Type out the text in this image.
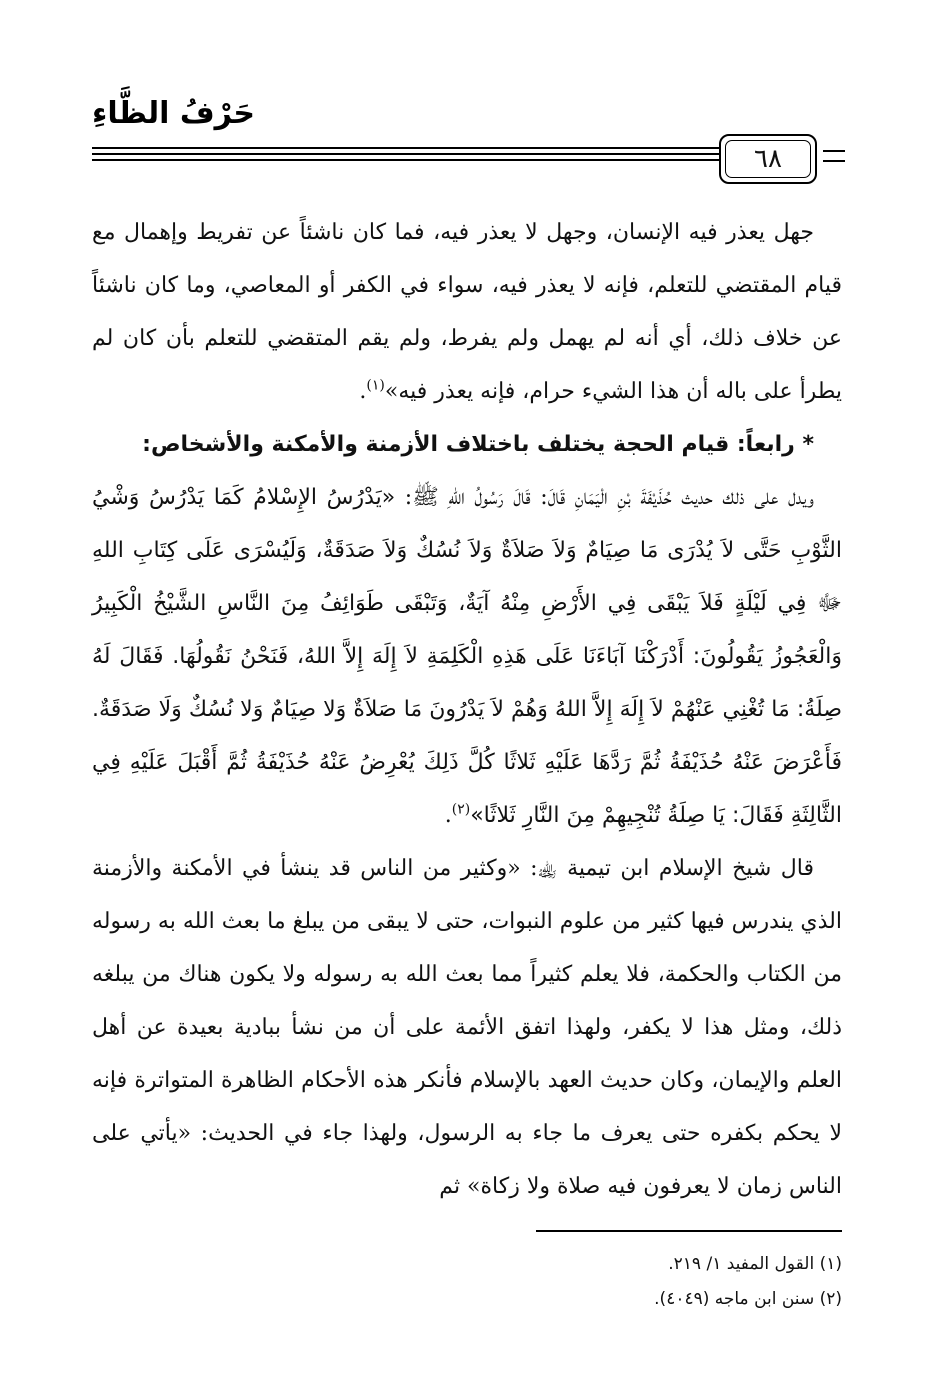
حَرْفُ الظَّاءِ
٦٨

جهل يعذر فيه الإنسان، وجهل لا يعذر فيه، فما كان ناشئاً عن تفريط وإهمال مع قيام المقتضي للتعلم، فإنه لا يعذر فيه، سواء في الكفر أو المعاصي، وما كان ناشئاً عن خلاف ذلك، أي أنه لم يهمل ولم يفرط، ولم يقم المتقضي للتعلم بأن كان لم يطرأ على باله أن هذا الشيء حرام، فإنه يعذر فيه»$^{(١)}$.

* رابعاً: قيام الحجة يختلف باختلاف الأزمنة والأمكنة والأشخاص:

ويدل على ذلك حديث حُذَيْفَةَ بْنِ الْيَمَانِ قَالَ: قَالَ رَسُولُ اللهِ ﷺ: «يَدْرُسُ الإِسْلامُ كَمَا يَدْرُسُ وَشْيُ الثَّوْبِ حَتَّى لاَ يُدْرَى مَا صِيَامٌ وَلاَ صَلاَةٌ وَلاَ نُسُكٌ وَلاَ صَدَقَةٌ، وَلَيُسْرَى عَلَى كِتَابِ اللهِ ﷻ فِي لَيْلَةٍ فَلاَ يَبْقَى فِي الأَرْضِ مِنْهُ آيَةٌ، وَتَبْقَى طَوَائِفُ مِنَ النَّاسِ الشَّيْخُ الْكَبِيرُ وَالْعَجُوزُ يَقُولُونَ: أَدْرَكْنَا آبَاءَنَا عَلَى هَذِهِ الْكَلِمَةِ لاَ إِلَهَ إِلاَّ اللهُ، فَنَحْنُ نَقُولُهَا. فَقَالَ لَهُ صِلَةُ: مَا تُغْنِي عَنْهُمْ لاَ إِلَهَ إِلاَّ اللهُ وَهُمْ لاَ يَدْرُونَ مَا صَلاَةٌ وَلا صِيَامٌ وَلا نُسُكٌ وَلَا صَدَقَةٌ. فَأَعْرَضَ عَنْهُ حُذَيْفَةُ ثُمَّ رَدَّهَا عَلَيْهِ ثَلاثًا كُلَّ ذَلِكَ يُعْرِضُ عَنْهُ حُذَيْفَةُ ثُمَّ أَقْبَلَ عَلَيْهِ فِي الثَّالِثَةِ فَقَالَ: يَا صِلَةُ تُنْجِيهِمْ مِنَ النَّارِ ثَلاثًا»$^{(٢)}$.

قال شيخ الإسلام ابن تيمية ﵀: «وكثير من الناس قد ينشأ في الأمكنة والأزمنة الذي يندرس فيها كثير من علوم النبوات، حتى لا يبقى من يبلغ ما بعث الله به رسوله من الكتاب والحكمة، فلا يعلم كثيراً مما بعث الله به رسوله ولا يكون هناك من يبلغه ذلك، ومثل هذا لا يكفر، ولهذا اتفق الأئمة على أن من نشأ ببادية بعيدة عن أهل العلم والإيمان، وكان حديث العهد بالإسلام فأنكر هذه الأحكام الظاهرة المتواترة فإنه لا يحكم بكفره حتى يعرف ما جاء به الرسول، ولهذا جاء في الحديث: «يأتي على الناس زمان لا يعرفون فيه صلاة ولا زكاة» ثم

(١) القول المفيد ١/ ٢١٩.
(٢) سنن ابن ماجه (٤٠٤٩).
